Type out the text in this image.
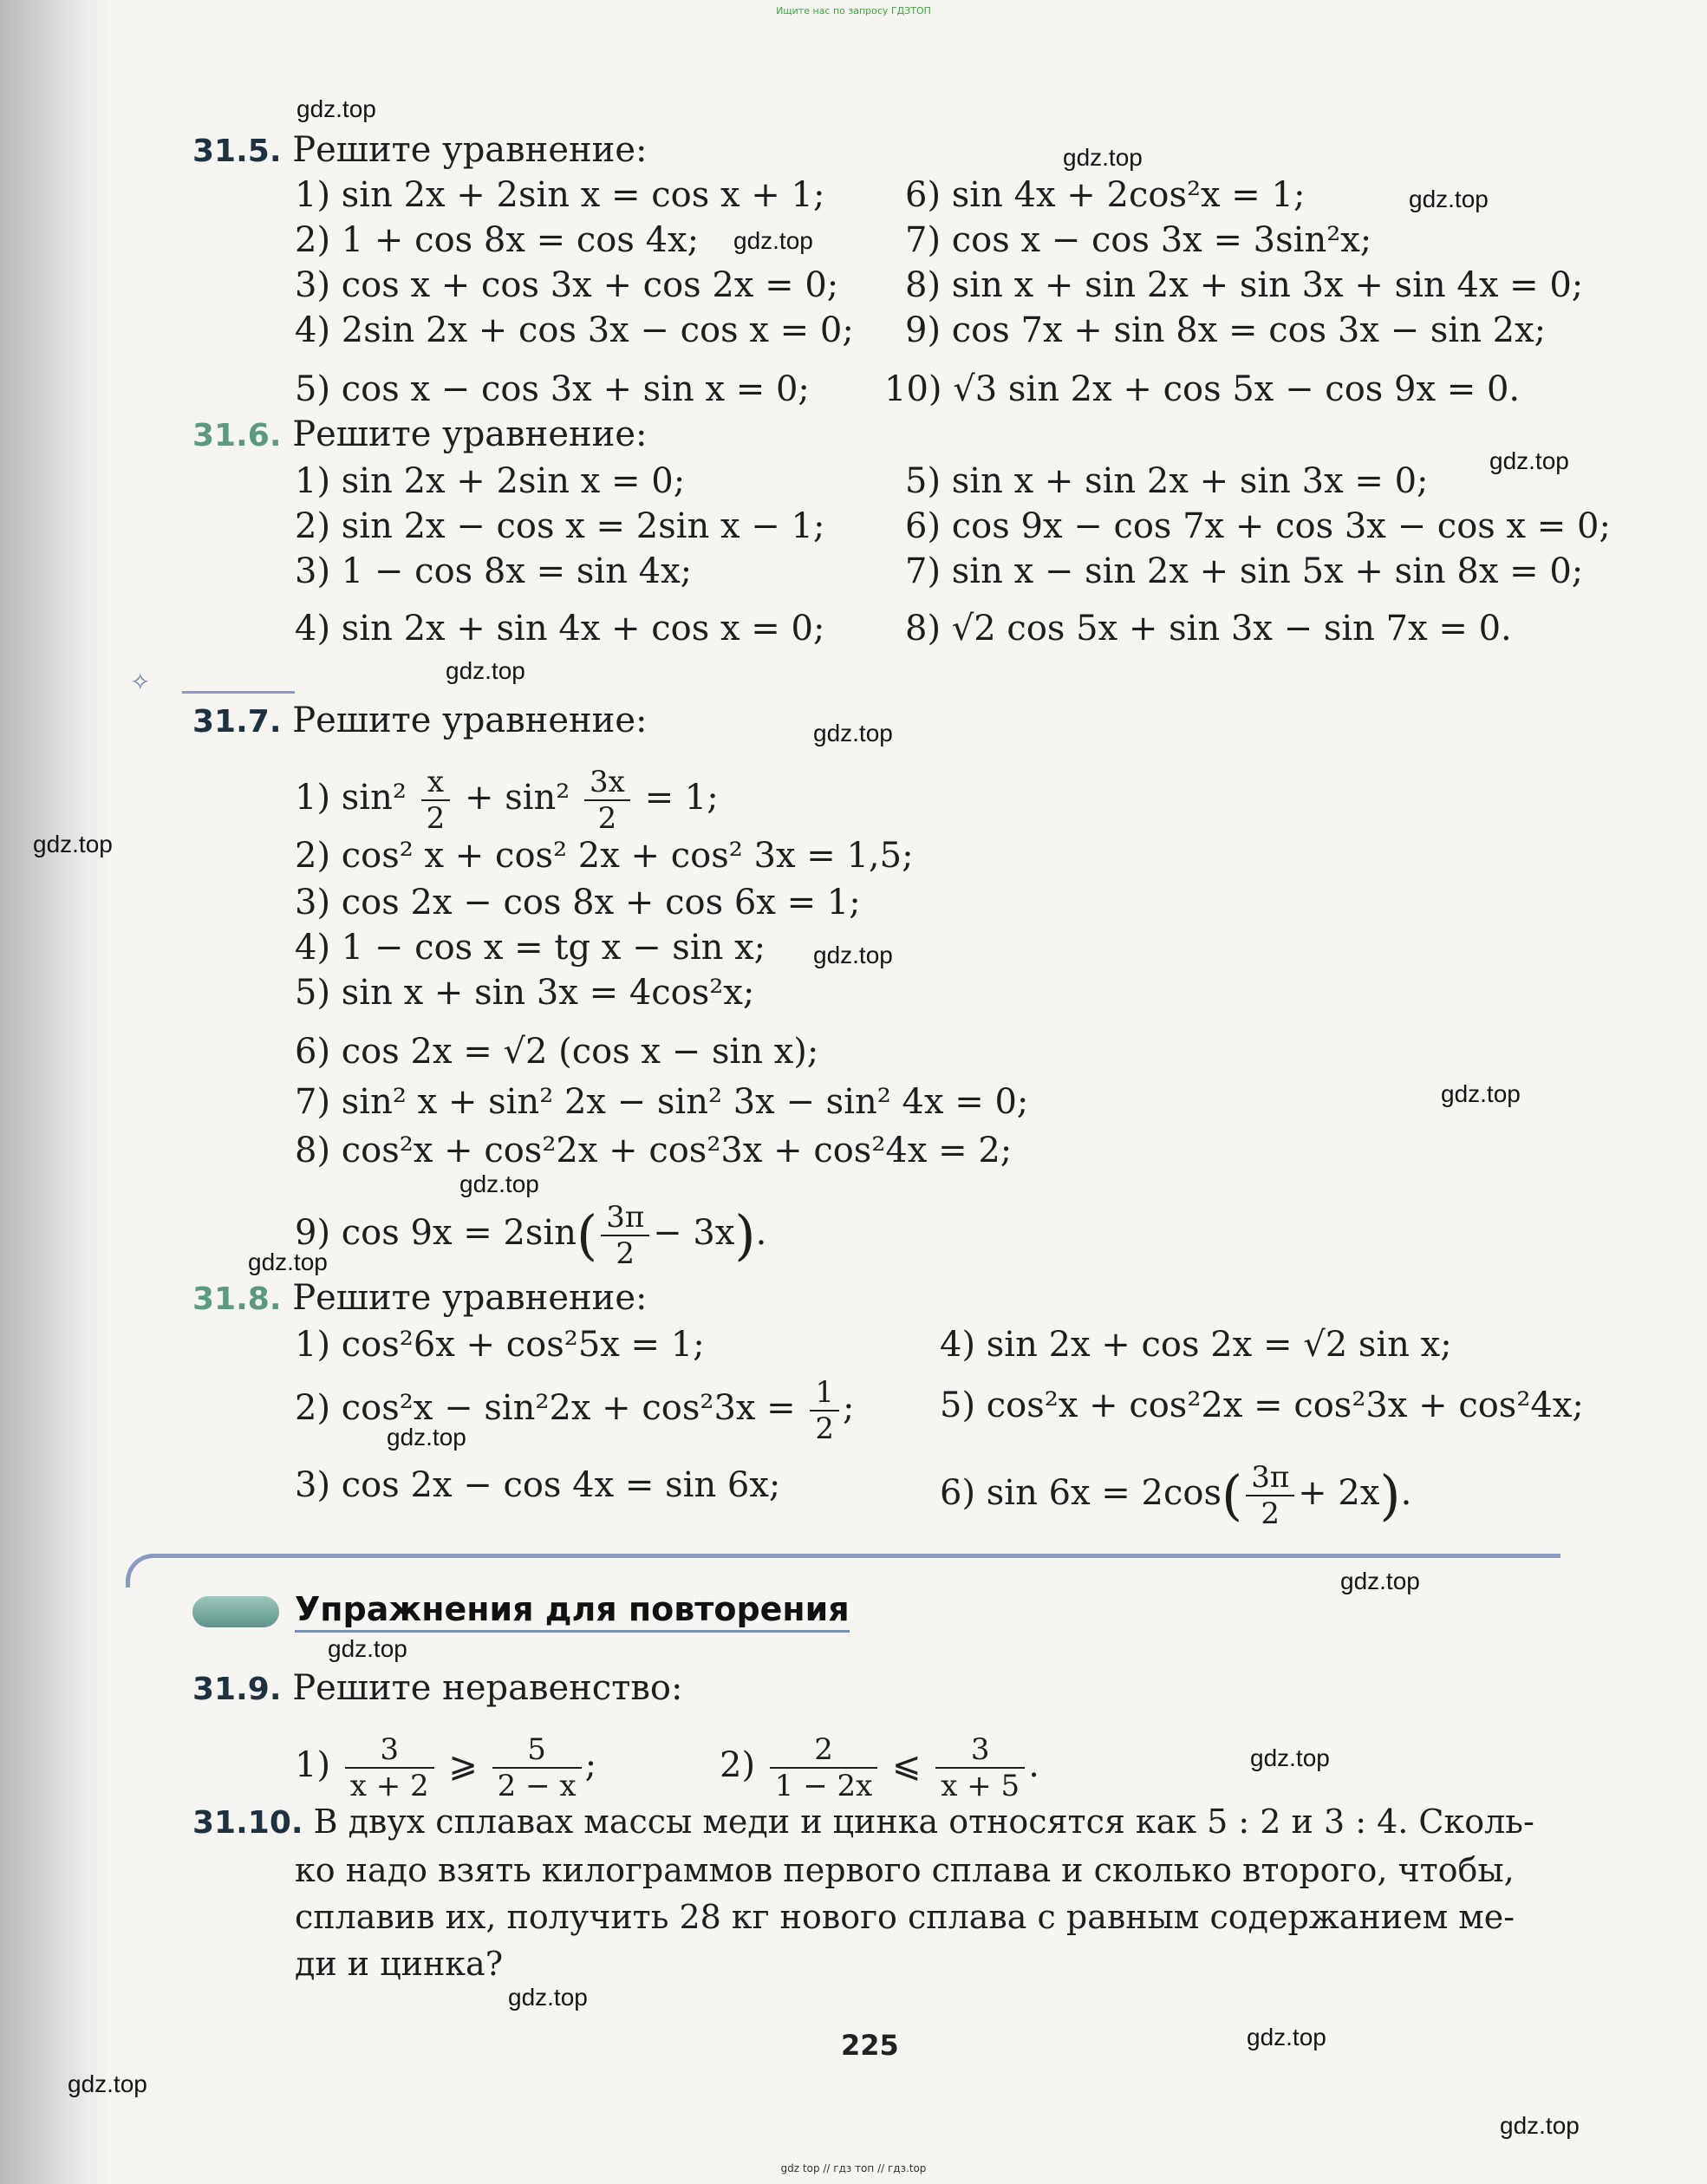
Ищите нас по запросу ГДЗТОП
gdz.top
gdz.top
gdz.top
gdz.top
gdz.top
gdz.top
gdz.top
gdz.top
gdz.top
gdz.top
gdz.top
gdz.top
gdz.top
gdz.top
gdz.top
gdz.top
gdz.top
gdz.top
gdz.top
gdz.top
31.5. Решите уравнение:
1) sin 2x + 2sin x = cos x + 1;
2) 1 + cos 8x = cos 4x;
3) cos x + cos 3x + cos 2x = 0;
4) 2sin 2x + cos 3x − cos x = 0;
5) cos x − cos 3x + sin x = 0;
6) sin 4x + 2cos²x = 1;
7) cos x − cos 3x = 3sin²x;
8) sin x + sin 2x + sin 3x + sin 4x = 0;
9) cos 7x + sin 8x = cos 3x − sin 2x;
10) √3 sin 2x + cos 5x − cos 9x = 0.
31.6. Решите уравнение:
1) sin 2x + 2sin x = 0;
2) sin 2x − cos x = 2sin x − 1;
3) 1 − cos 8x = sin 4x;
4) sin 2x + sin 4x + cos x = 0;
5) sin x + sin 2x + sin 3x = 0;
6) cos 9x − cos 7x + cos 3x − cos x = 0;
7) sin x − sin 2x + sin 5x + sin 8x = 0;
8) √2 cos 5x + sin 3x − sin 7x = 0.
✧
31.7. Решите уравнение:
1) $\sin^2 \frac{x}{2} + \sin^2 \frac{3x}{2} = 1$;
2) cos² x + cos² 2x + cos² 3x = 1,5;
3) cos 2x − cos 8x + cos 6x = 1;
4) 1 − cos x = tg x − sin x;
5) sin x + sin 3x = 4cos²x;
6) cos 2x = √2 (cos x − sin x);
7) sin² x + sin² 2x − sin² 3x − sin² 4x = 0;
8) cos²x + cos²2x + cos²3x + cos²4x = 2;
9) $\cos 9x = 2\sin( \frac{3\pi}{2} - 3x)$.
31.8. Решите уравнение:
1) cos²6x + cos²5x = 1;
2) $\cos^2x - \sin^22x + \cos^23x = \frac{1}{2}$ ;
3) cos 2x − cos 4x = sin 6x;
4) sin 2x + cos 2x = √2 sin x;
5) cos²x + cos²2x = cos²3x + cos²4x;
6) $\sin 6x = 2\cos( \frac{3\pi}{2} + 2x)$.
Упражнения для повторения
31.9. Решите неравенство:
$1) \frac{3}{x + 2}$ ⩾ $\frac{5}{2 - x}$ ;	$2) \frac{2}{1 - 2x}$ ⩽ $\frac{3}{x + 5}$ .
31.10. В двух сплавах массы меди и цинка относятся как 5 : 2 и 3 : 4. Сколь-
ко надо взять килограммов первого сплава и сколько второго, чтобы,
сплавив их, получить 28 кг нового сплава с равным содержанием ме-
ди и цинка?
225
gdz top // гдз топ // гдз.top
